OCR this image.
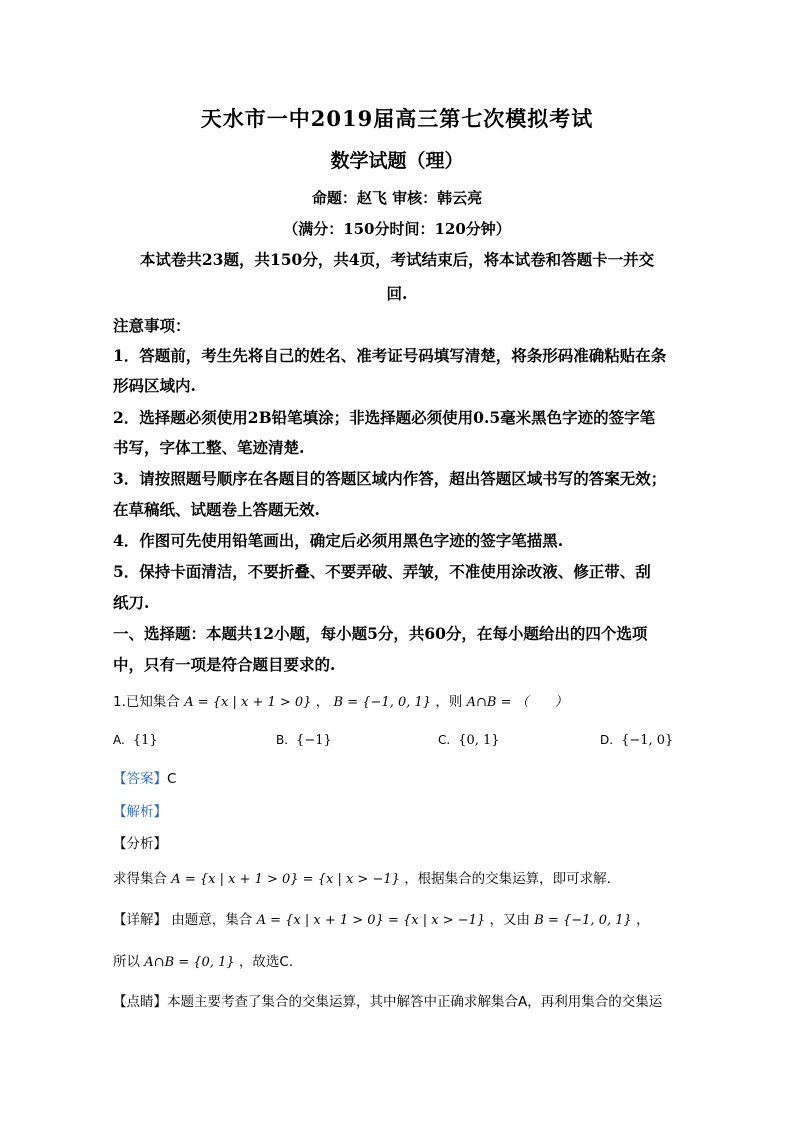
天水市一中2019届高三第七次模拟考试
数学试题（理）
命题：赵飞 审核：韩云亮
（满分：150分时间：120分钟）
本试卷共23题，共150分，共4页，考试结束后，将本试卷和答题卡一并交
回.
注意事项：
1．答题前，考生先将自己的姓名、准考证号码填写清楚，将条形码准确粘贴在条
形码区域内.
2．选择题必须使用2B铅笔填涂；非选择题必须使用0.5毫米黑色字迹的签字笔
书写，字体工整、笔迹清楚.
3．请按照题号顺序在各题目的答题区域内作答，超出答题区域书写的答案无效；
在草稿纸、试题卷上答题无效.
4．作图可先使用铅笔画出，确定后必须用黑色字迹的签字笔描黑.
5．保持卡面清洁，不要折叠、不要弄破、弄皱，不准使用涂改液、修正带、刮
纸刀.
一、选择题：本题共12小题，每小题5分，共60分，在每小题给出的四个选项
中，只有一项是符合题目要求的.
1.已知集合 A = {x | x + 1 > 0} ， B = {−1, 0, 1} ，则 A∩B = （　　）
A. {1}	B. {−1}	C. {0, 1}	D. {−1, 0}
【答案】C
【解析】
【分析】
求得集合 A = {x | x + 1 > 0} = {x | x > −1} ，根据集合的交集运算，即可求解.
【详解】 由题意，集合 A = {x | x + 1 > 0} = {x | x > −1} ，又由 B = {−1, 0, 1} ，
所以 A∩B = {0, 1} ，故选C.
【点睛】本题主要考查了集合的交集运算，其中解答中正确求解集合A，再利用集合的交集运
